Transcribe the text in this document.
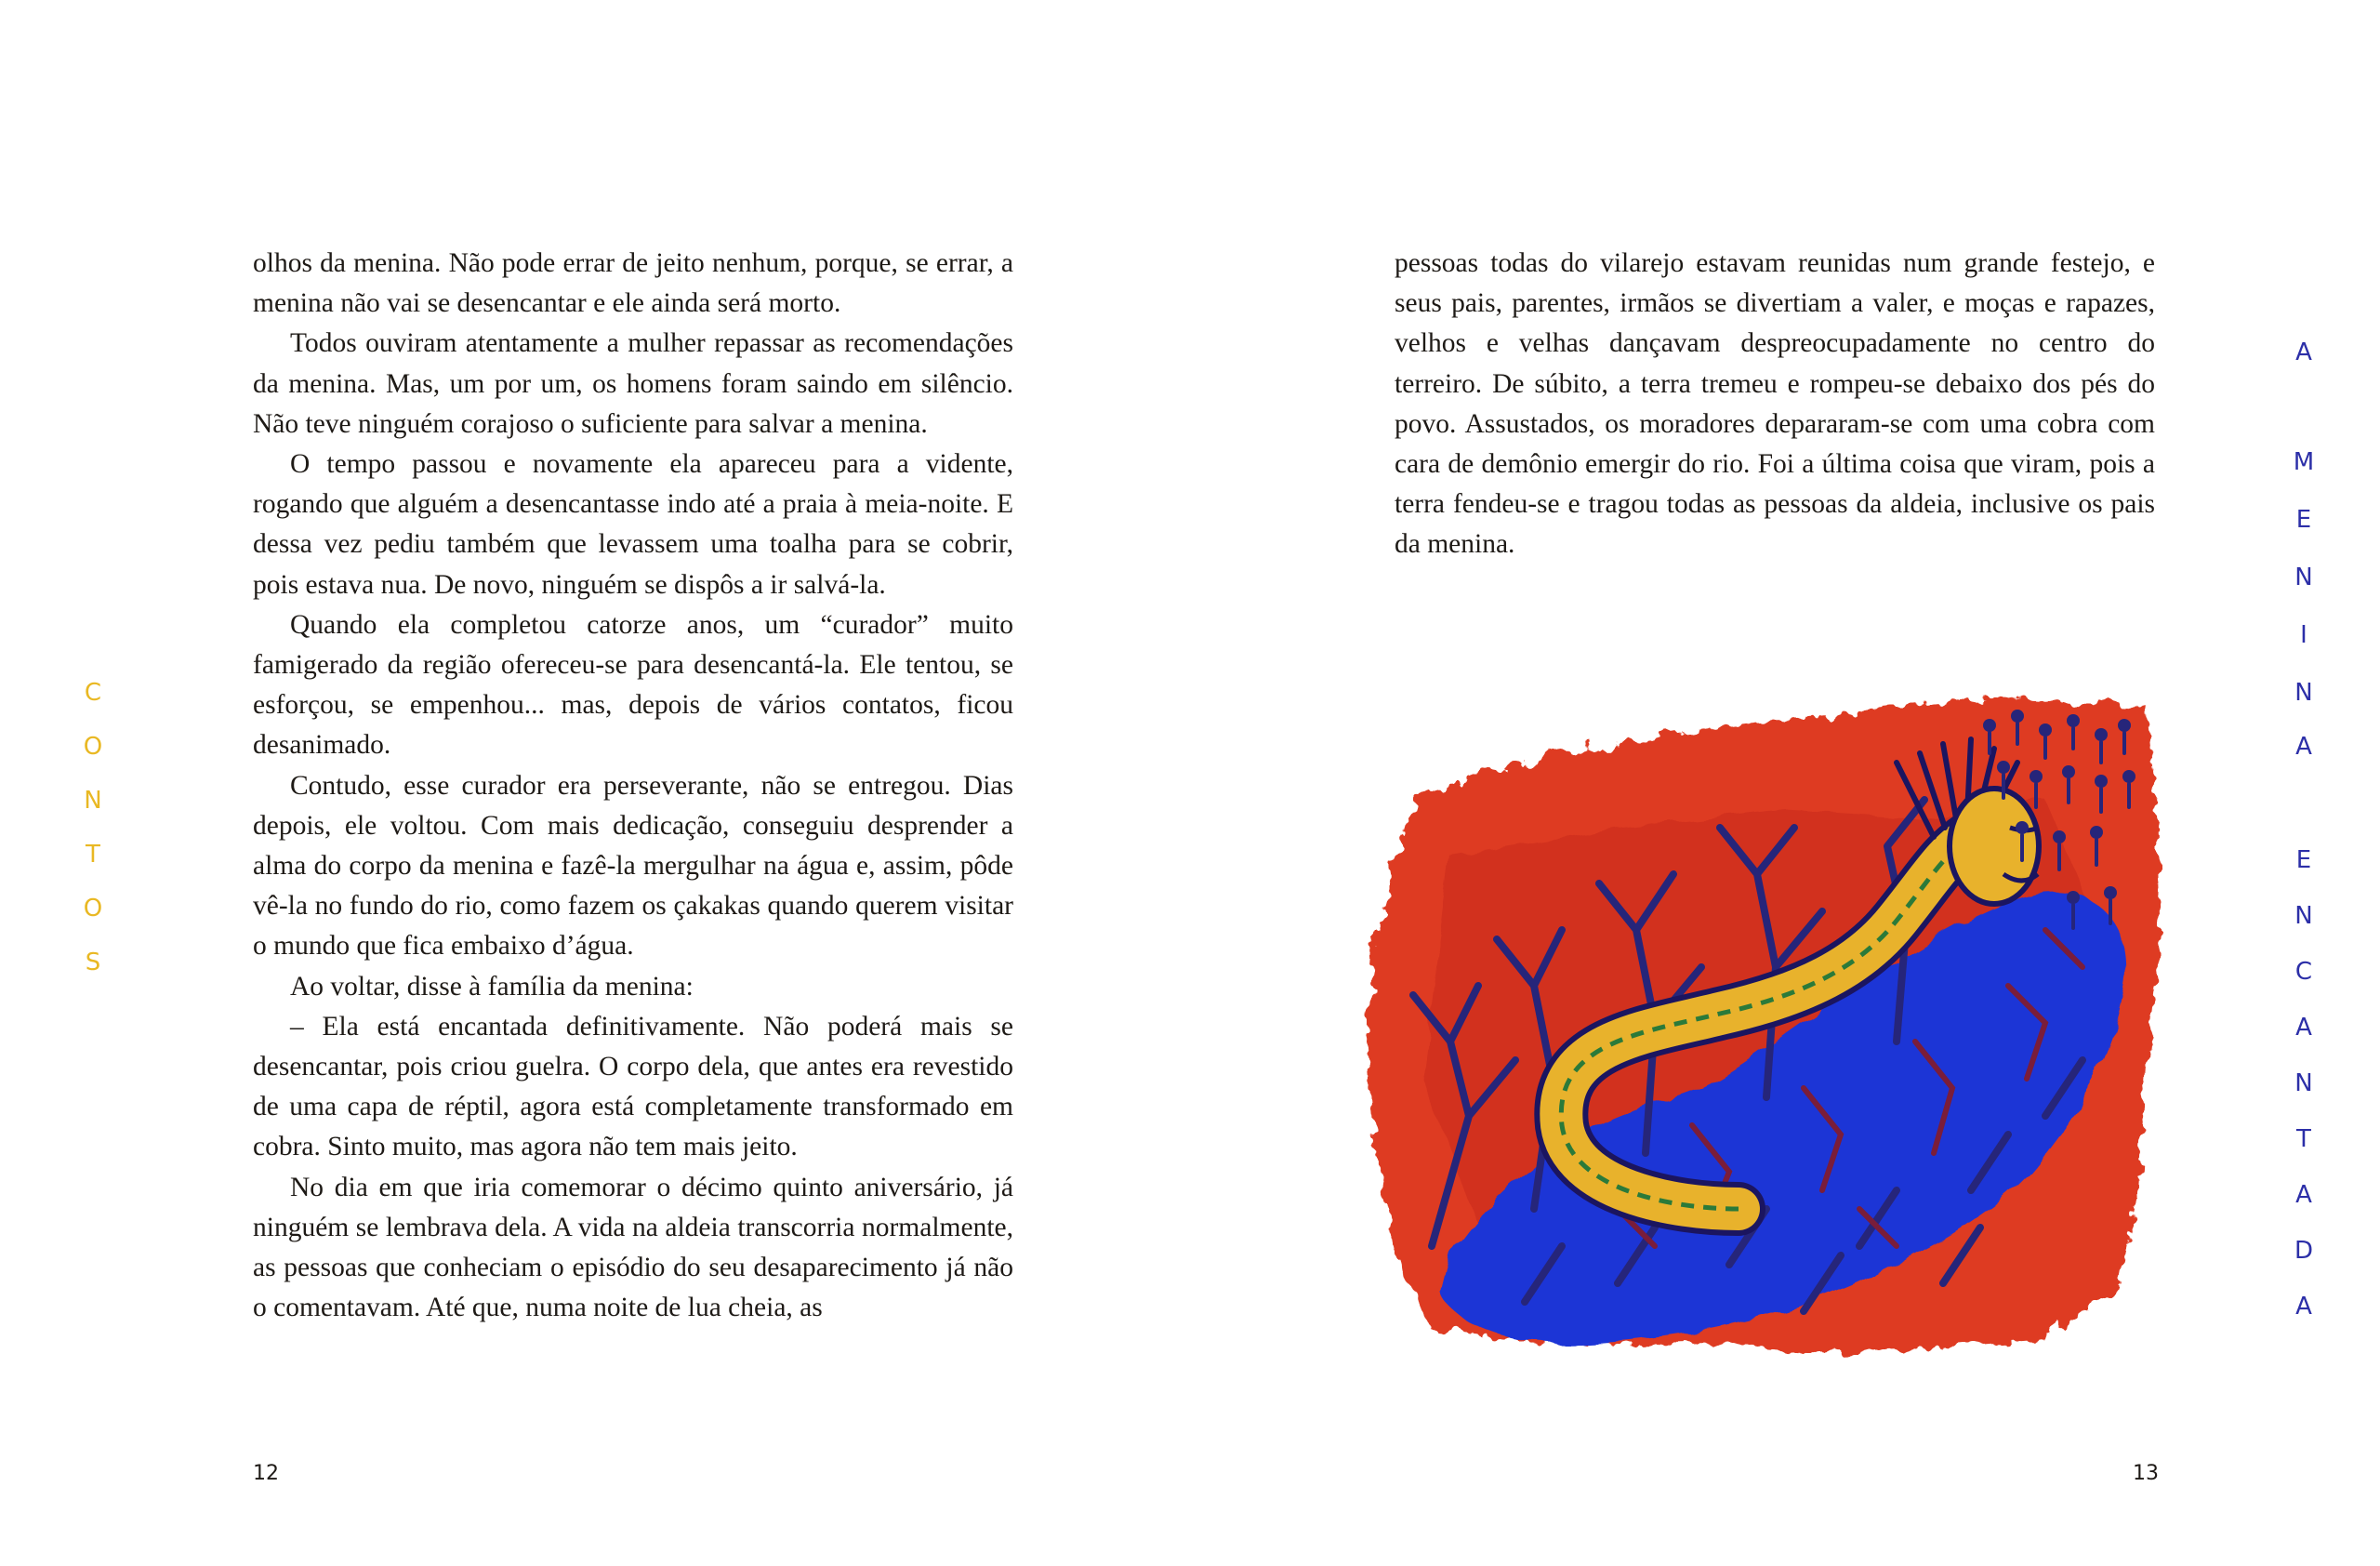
olhos da menina. Não pode errar de jeito nenhum, porque, se errar, a menina não vai se desencantar e ele ainda será morto.

Todos ouviram atentamente a mulher repassar as recomendações da menina. Mas, um por um, os homens foram saindo em silêncio. Não teve ninguém corajoso o suficiente para salvar a menina.

O tempo passou e novamente ela apareceu para a vidente, rogando que alguém a desencantasse indo até a praia à meia-noite. E dessa vez pediu também que levassem uma toalha para se cobrir, pois estava nua. De novo, ninguém se dispôs a ir salvá-la.

Quando ela completou catorze anos, um “curador” muito famigerado da região ofereceu-se para desencantá-la. Ele tentou, se esforçou, se empenhou... mas, depois de vários contatos, ficou desanimado.

Contudo, esse curador era perseverante, não se entregou. Dias depois, ele voltou. Com mais dedicação, conseguiu desprender a alma do corpo da menina e fazê-la mergulhar na água e, assim, pôde vê-la no fundo do rio, como fazem os çakakas quando querem visitar o mundo que fica embaixo d’água.

Ao voltar, disse à família da menina:

– Ela está encantada definitivamente. Não poderá mais se desencantar, pois criou guelra. O corpo dela, que antes era revestido de uma capa de réptil, agora está completamente transformado em cobra. Sinto muito, mas agora não tem mais jeito.

No dia em que iria comemorar o décimo quinto aniversário, já ninguém se lembrava dela. A vida na aldeia transcorria normalmente, as pessoas que conheciam o episódio do seu desaparecimento já não o comentavam. Até que, numa noite de lua cheia, as

C
O
N
T
O
S
12

pessoas todas do vilarejo estavam reunidas num grande festejo, e seus pais, parentes, irmãos se divertiam a valer, e moças e rapazes, velhos e velhas dançavam despreocupadamente no centro do terreiro. De súbito, a terra tremeu e rompeu-se debaixo dos pés do povo. Assustados, os moradores depararam-se com uma cobra com cara de demônio emergir do rio. Foi a última coisa que viram, pois a terra fendeu-se e tragou todas as pessoas da aldeia, inclusive os pais da menina.

A
M
E
N
I
N
A
E
N
C
A
N
T
A
D
A
13
